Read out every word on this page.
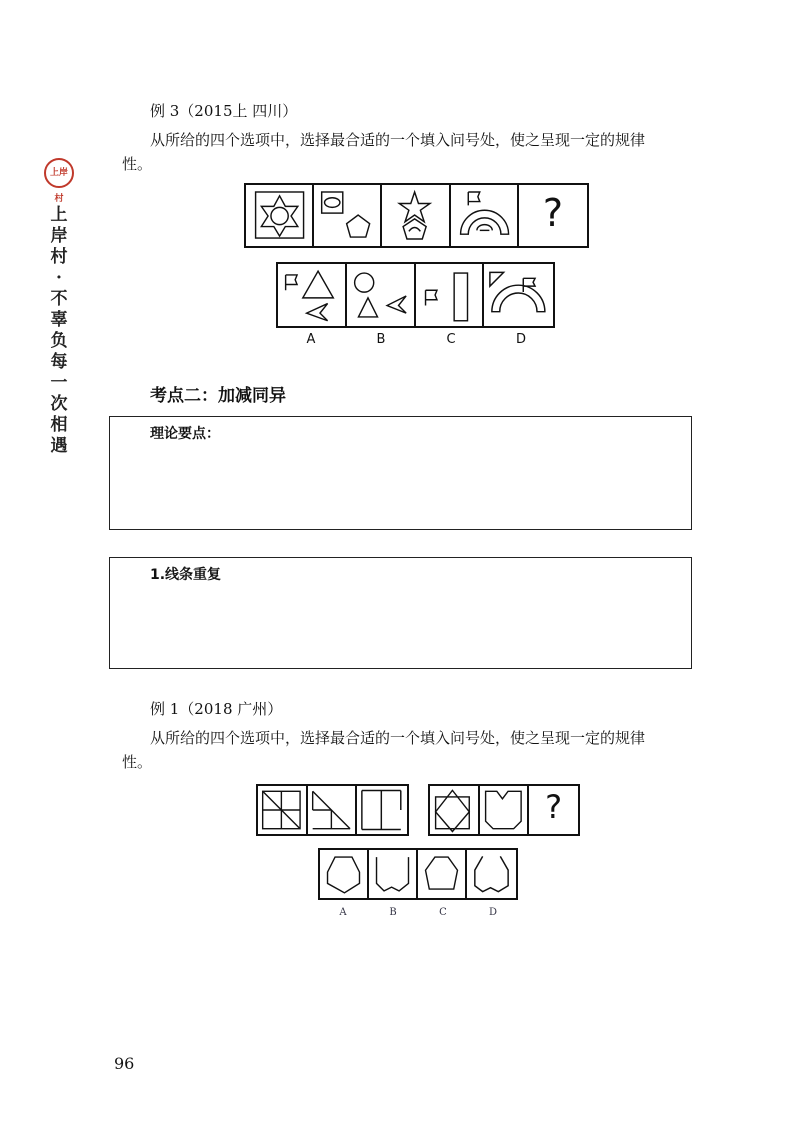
上岸村
上
岸
村
·
不
辜
负
每
一
次
相
遇
例 3（2015上 四川）
从所给的四个选项中，选择最合适的一个填入问号处，使之呈现一定的规律
性。
?
A	B	C	D
考点二：加减同异
理论要点：
1.线条重复
例 1（2018 广州）
从所给的四个选项中，选择最合适的一个填入问号处，使之呈现一定的规律
性。
?
A	B	C	D
96
